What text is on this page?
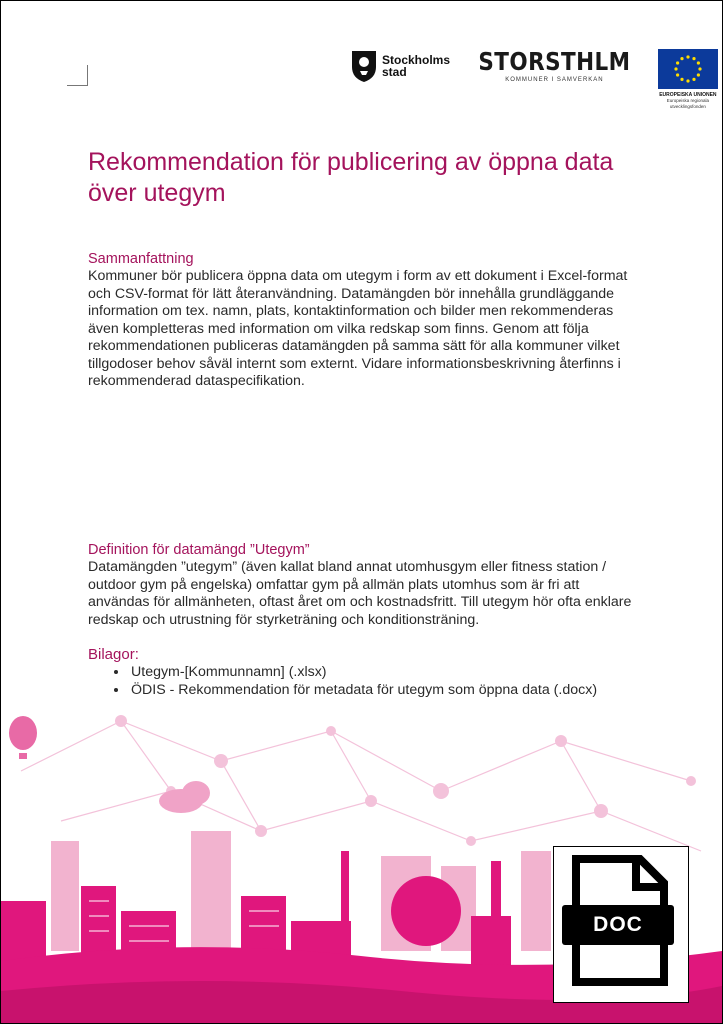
Stockholms
stad	STORSTHLM
KOMMUNER I SAMVERKAN
EUROPEISKA UNIONEN
Europeiska regionala
utvecklingsfonden
Rekommendation för publicering av öppna data över utegym
Sammanfattning

Kommuner bör publicera öppna data om utegym i form av ett dokument i Excel-format och CSV-format för lätt återanvändning. Datamängden bör innehålla grundläggande information om tex. namn, plats, kontaktinformation och bilder men rekommenderas även kompletteras med information om vilka redskap som finns. Genom att följa rekommendationen publiceras datamängden på samma sätt för alla kommuner vilket tillgodoser behov såväl internt som externt. Vidare informationsbeskrivning återfinns i rekommenderad dataspecifikation.

Definition för datamängd ”Utegym”

Datamängden ”utegym” (även kallat bland annat utomhusgym eller fitness station / outdoor gym på engelska) omfattar gym på allmän plats utomhus som är fri att användas för allmänheten, oftast året om och kostnadsfritt. Till utegym hör ofta enklare redskap och utrustning för styrketräning och konditionsträning.

Bilagor:
• Utegym-[Kommunnamn] (.xlsx)
• ÖDIS - Rekommendation för metadata för utegym som öppna data (.docx)
DOC
